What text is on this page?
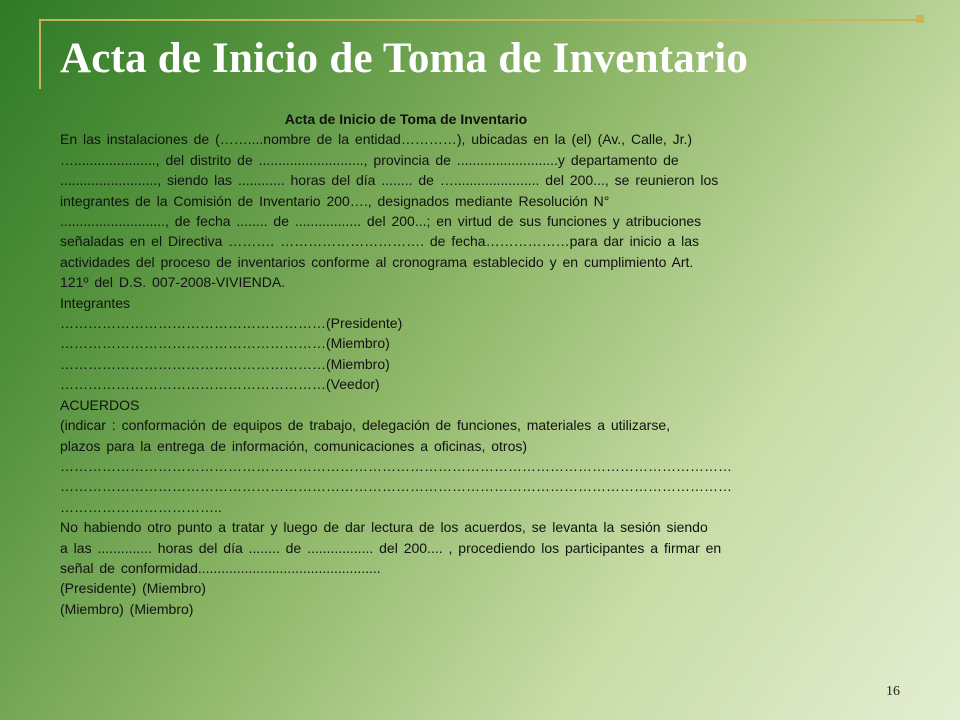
Acta de Inicio de Toma de Inventario
Acta de Inicio de Toma de Inventario
En las instalaciones de (……....nombre de la entidad…………), ubicadas en la (el) (Av., Calle, Jr.)
…....................., del distrito de ..........................., provincia de ..........................y departamento de
........................., siendo las ............ horas del día ........ de …...................... del 200..., se reunieron los
integrantes de la Comisión de Inventario 200…., designados mediante Resolución N°
..........................., de fecha ........ de ................. del 200...; en virtud de sus funciones y atribuciones
señaladas en el Directiva ………. …………………………. de fecha………………para dar inicio a las
actividades del proceso de inventarios conforme al cronograma establecido y en cumplimiento Art.
121º del D.S. 007-2008-VIVIENDA.
Integrantes
…………………………………………………(Presidente)
…………………………………………………(Miembro)
…………………………………………………(Miembro)
…………………………………………………(Veedor)
ACUERDOS
(indicar : conformación de equipos de trabajo, delegación de funciones, materiales a utilizarse,
plazos para la entrega de información, comunicaciones a oficinas, otros)
………………………………………………………………………………………………………………………………
………………………………………………………………………………………………………………………………
……………………………..
No habiendo otro punto a tratar y luego de dar lectura de los acuerdos, se levanta la sesión siendo
a las .............. horas del día ........ de ................. del 200.... , procediendo los participantes a firmar en
señal de conformidad...............................................
(Presidente) (Miembro)
(Miembro) (Miembro)
16
